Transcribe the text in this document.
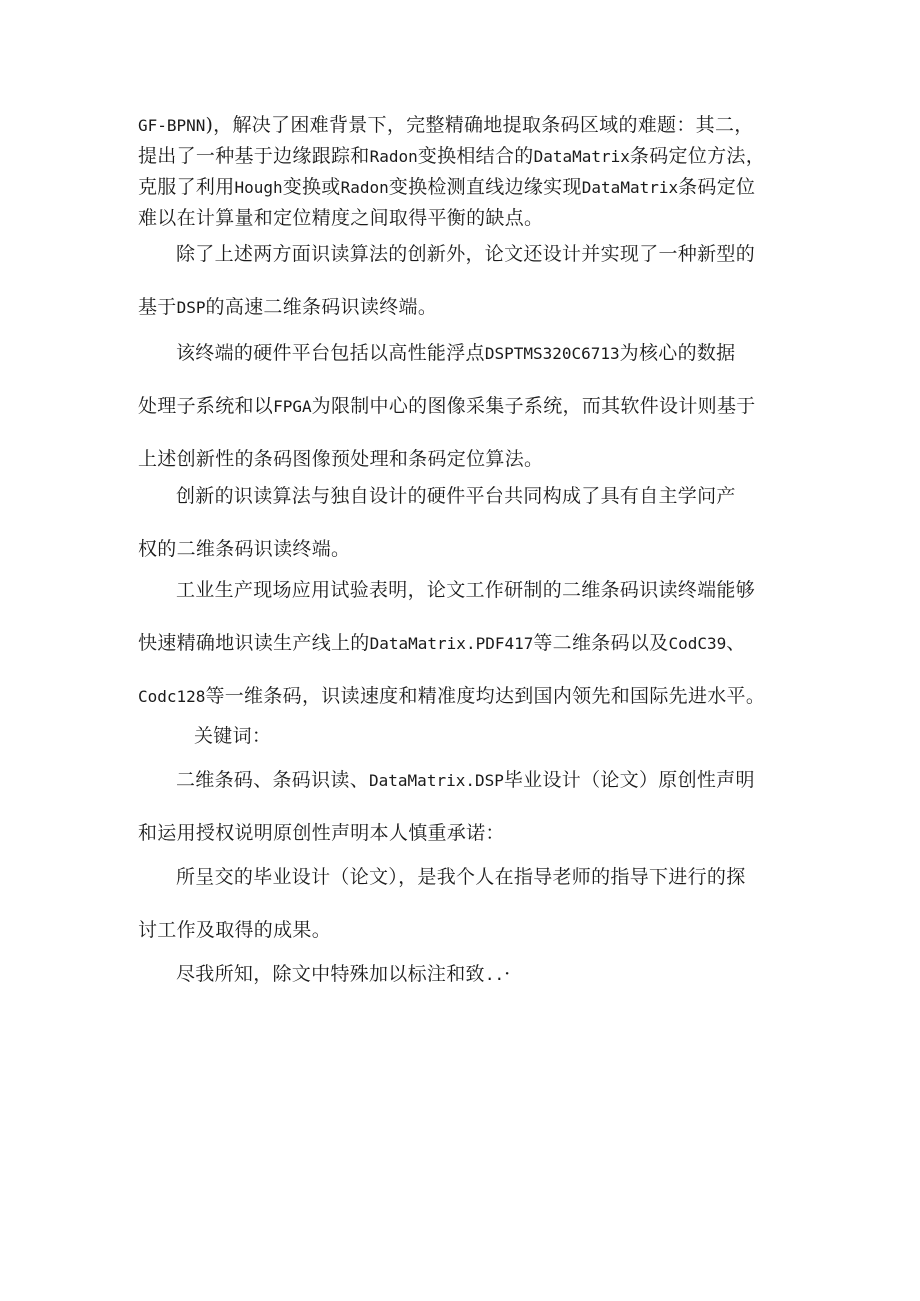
GF-BPNN)，解决了困难背景下，完整精确地提取条码区域的难题：其二，
提出了一种基于边缘跟踪和Radon变换相结合的DataMatrix条码定位方法，
克服了利用Hough变换或Radon变换检测直线边缘实现DataMatrix条码定位
难以在计算量和定位精度之间取得平衡的缺点。

除了上述两方面识读算法的创新外，论文还设计并实现了一种新型的
基于DSP的高速二维条码识读终端。

该终端的硬件平台包括以高性能浮点DSPTMS320C6713为核心的数据
处理子系统和以FPGA为限制中心的图像采集子系统，而其软件设计则基于
上述创新性的条码图像预处理和条码定位算法。

创新的识读算法与独自设计的硬件平台共同构成了具有自主学问产
权的二维条码识读终端。

工业生产现场应用试验表明，论文工作研制的二维条码识读终端能够
快速精确地识读生产线上的DataMatrix.PDF417等二维条码以及CodC39、
Codc128等一维条码，识读速度和精准度均达到国内领先和国际先进水平。

关键词：

二维条码、条码识读、DataMatrix.DSP毕业设计（论文）原创性声明
和运用授权说明原创性声明本人慎重承诺：

所呈交的毕业设计（论文），是我个人在指导老师的指导下进行的探
讨工作及取得的成果。

尽我所知，除文中特殊加以标注和致..·
